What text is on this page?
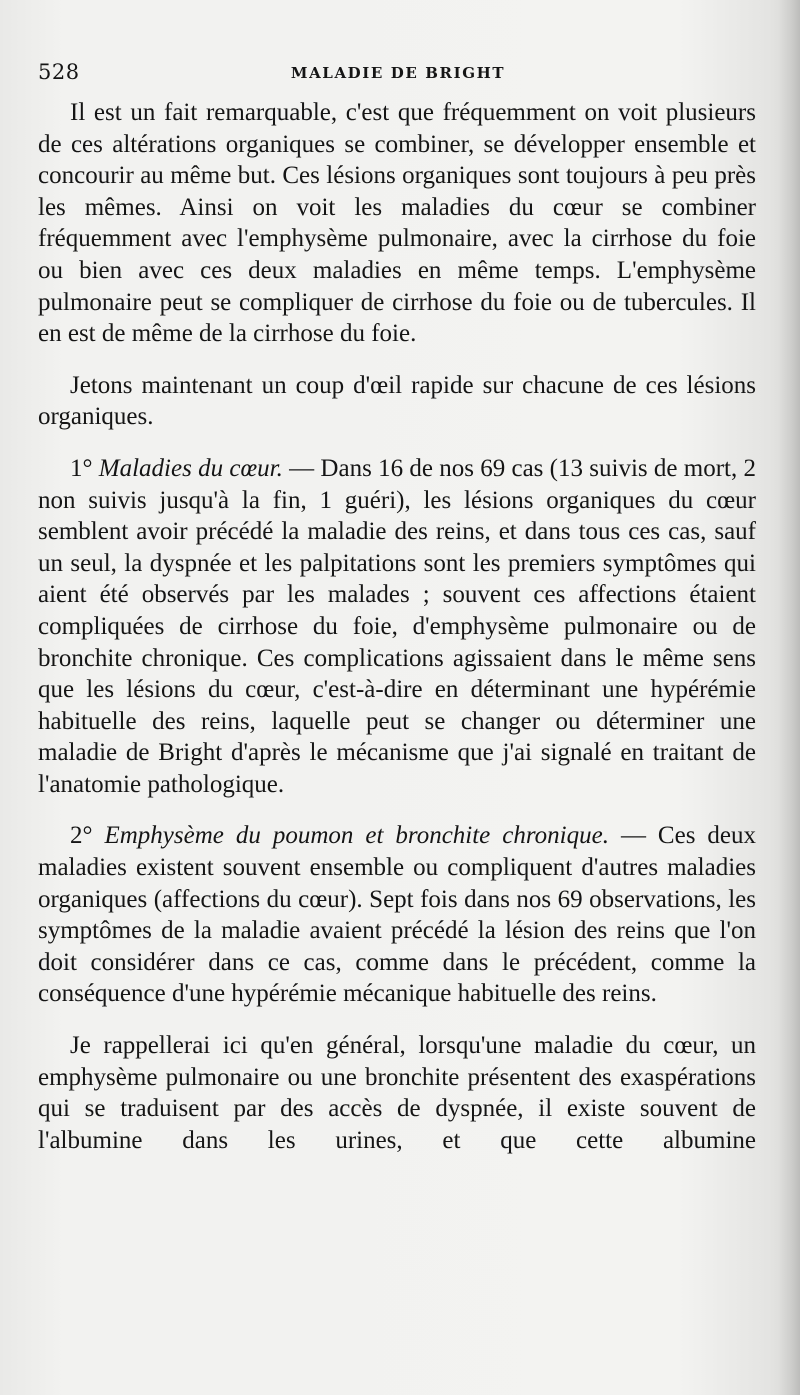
528	MALADIE DE BRIGHT

Il est un fait remarquable, c'est que fréquemment on voit plusieurs de ces altérations organiques se combiner, se développer ensemble et concourir au même but. Ces lésions organiques sont toujours à peu près les mêmes. Ainsi on voit les maladies du cœur se combiner fréquemment avec l'emphysème pulmonaire, avec la cirrhose du foie ou bien avec ces deux maladies en même temps. L'emphysème pulmonaire peut se compliquer de cirrhose du foie ou de tubercules. Il en est de même de la cirrhose du foie.

Jetons maintenant un coup d'œil rapide sur chacune de ces lésions organiques.

1° Maladies du cœur. — Dans 16 de nos 69 cas (13 suivis de mort, 2 non suivis jusqu'à la fin, 1 guéri), les lésions organiques du cœur semblent avoir précédé la maladie des reins, et dans tous ces cas, sauf un seul, la dyspnée et les palpitations sont les premiers symptômes qui aient été observés par les malades ; souvent ces affections étaient compliquées de cirrhose du foie, d'emphysème pulmonaire ou de bronchite chronique. Ces complications agissaient dans le même sens que les lésions du cœur, c'est-à-dire en déterminant une hypérémie habituelle des reins, laquelle peut se changer ou déterminer une maladie de Bright d'après le mécanisme que j'ai signalé en traitant de l'anatomie pathologique.

2° Emphysème du poumon et bronchite chronique. — Ces deux maladies existent souvent ensemble ou compliquent d'autres maladies organiques (affections du cœur). Sept fois dans nos 69 observations, les symptômes de la maladie avaient précédé la lésion des reins que l'on doit considérer dans ce cas, comme dans le précédent, comme la conséquence d'une hypérémie mécanique habituelle des reins.

Je rappellerai ici qu'en général, lorsqu'une maladie du cœur, un emphysème pulmonaire ou une bronchite présentent des exaspérations qui se traduisent par des accès de dyspnée, il existe souvent de l'albumine dans les urines, et que cette albumine
